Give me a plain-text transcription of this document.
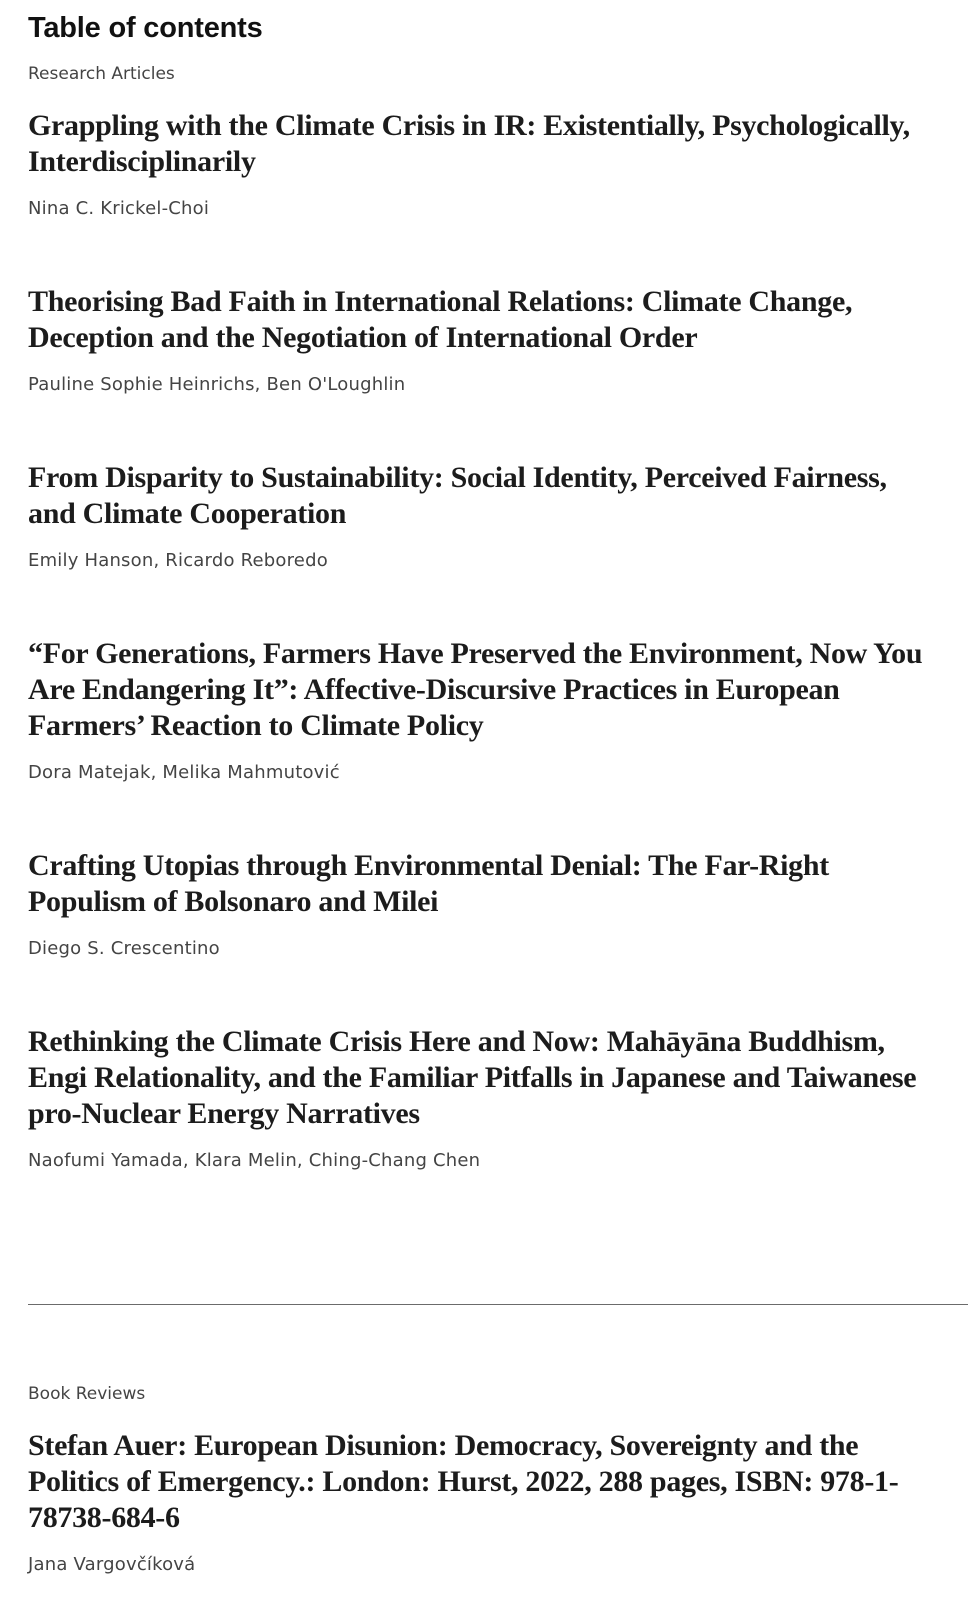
Table of contents
Research Articles
Grappling with the Climate Crisis in IR: Existentially, Psychologically, Interdisciplinarily
Nina C. Krickel-Choi
Theorising Bad Faith in International Relations: Climate Change, Deception and the Negotiation of International Order
Pauline Sophie Heinrichs, Ben O'Loughlin
From Disparity to Sustainability: Social Identity, Perceived Fairness, and Climate Cooperation
Emily Hanson, Ricardo Reboredo
“For Generations, Farmers Have Preserved the Environment, Now You Are Endangering It”: Affective-Discursive Practices in European Farmers’ Reaction to Climate Policy
Dora Matejak, Melika Mahmutović
Crafting Utopias through Environmental Denial: The Far-Right Populism of Bolsonaro and Milei
Diego S. Crescentino
Rethinking the Climate Crisis Here and Now: Mahāyāna Buddhism, Engi Relationality, and the Familiar Pitfalls in Japanese and Taiwanese pro-Nuclear Energy Narratives
Naofumi Yamada, Klara Melin, Ching-Chang Chen
Book Reviews
Stefan Auer: European Disunion: Democracy, Sovereignty and the Politics of Emergency.: London: Hurst, 2022, 288 pages, ISBN: 978-1-78738-684-6
Jana Vargovčíková
